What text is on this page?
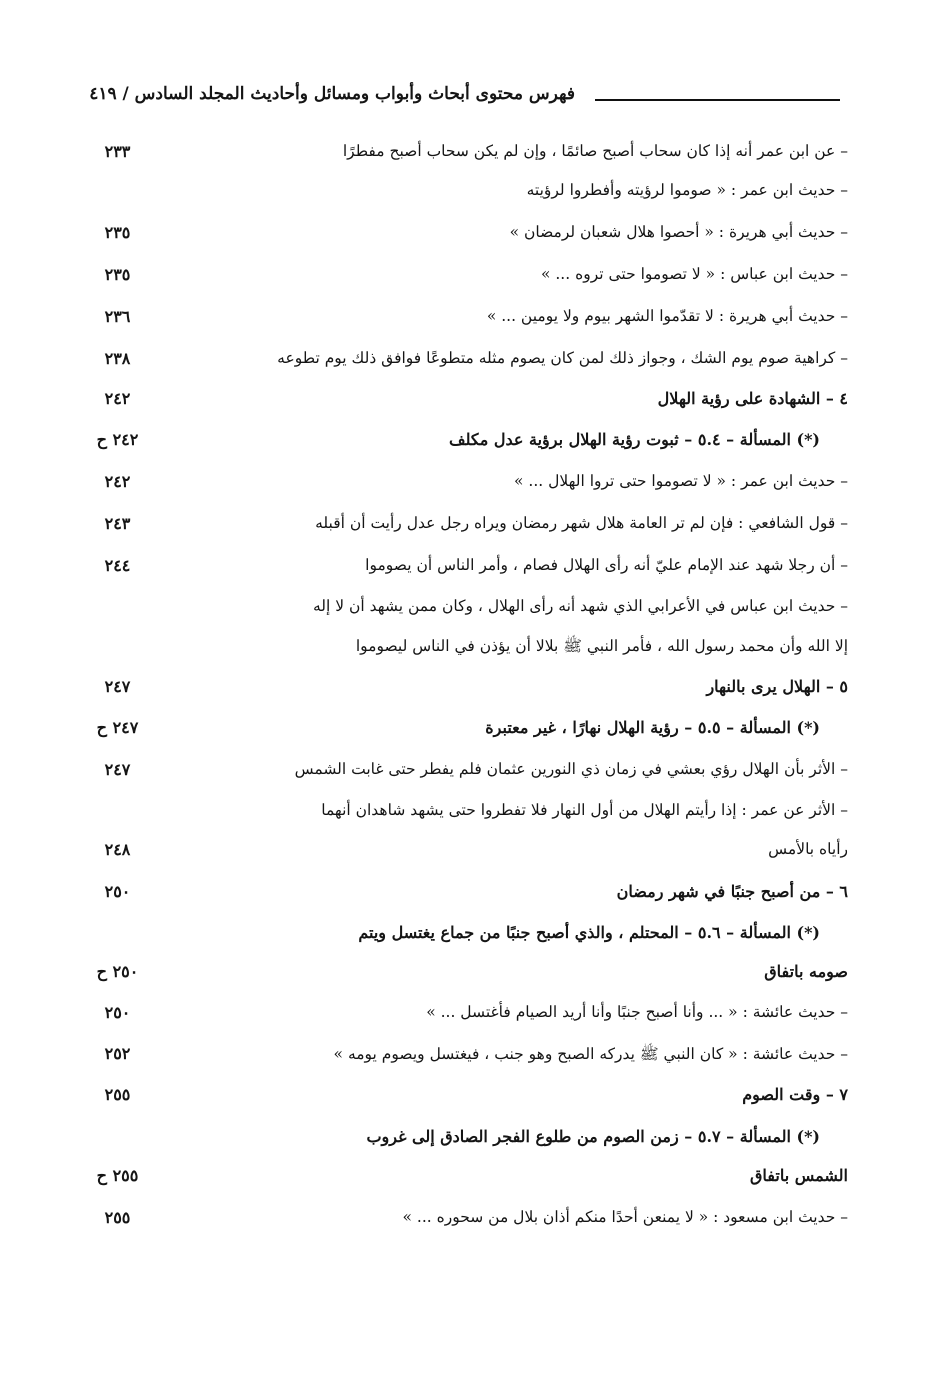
فهرس محتوى أبحاث وأبواب ومسائل وأحاديث المجلد السادس / ٤١٩
– عن ابن عمر أنه إذا كان سحاب أصبح صائمًا ، وإن لم يكن سحاب أصبح مفطرًا
٢٣٣
– حديث ابن عمر : « صوموا لرؤيته وأفطروا لرؤيته
– حديث أبي هريرة : « أحصوا هلال شعبان لرمضان »
٢٣٥
– حديث ابن عباس : « لا تصوموا حتى تروه ... »
٢٣٥
– حديث أبي هريرة : لا تقدّموا الشهر بيوم ولا يومين ... »
٢٣٦
– كراهية صوم يوم الشك ، وجواز ذلك لمن كان يصوم مثله متطوعًا فوافق ذلك يوم تطوعه
٢٣٨
٤ – الشهادة على رؤية الهلال
٢٤٢
(*) المسألة – ٥.٤ – ثبوت رؤية الهلال برؤية عدل مكلف
٢٤٢ ح
– حديث ابن عمر : « لا تصوموا حتى تروا الهلال ... »
٢٤٢
– قول الشافعي : فإن لم تر العامة هلال شهر رمضان ويراه رجل عدل رأيت أن أقبله
٢٤٣
– أن رجلا شهد عند الإمام عليّ أنه رأى الهلال فصام ، وأمر الناس أن يصوموا
٢٤٤
– حديث ابن عباس في الأعرابي الذي شهد أنه رأى الهلال ، وكان ممن يشهد أن لا إله
إلا الله وأن محمد رسول الله ، فأمر النبي ﷺ بلالا أن يؤذن في الناس ليصوموا
٥ – الهلال يرى بالنهار
٢٤٧
(*) المسألة – ٥.٥ – رؤية الهلال نهارًا ، غير معتبرة
٢٤٧ ح
– الأثر بأن الهلال رؤي بعشي في زمان ذي النورين عثمان فلم يفطر حتى غابت الشمس
٢٤٧
– الأثر عن عمر : إذا رأيتم الهلال من أول النهار فلا تفطروا حتى يشهد شاهدان أنهما
رأياه بالأمس
٢٤٨
٦ – من أصبح جنبًا في شهر رمضان
٢٥٠
(*) المسألة – ٥.٦ – المحتلم ، والذي أصبح جنبًا من جماع يغتسل ويتم
صومه باتفاق
٢٥٠ ح
– حديث عائشة : « ... وأنا أصبح جنبًا وأنا أريد الصيام فأغتسل ... »
٢٥٠
– حديث عائشة : « كان النبي ﷺ يدركه الصبح وهو جنب ، فيغتسل ويصوم يومه »
٢٥٢
٧ – وقت الصوم
٢٥٥
(*) المسألة – ٥.٧ – زمن الصوم من طلوع الفجر الصادق إلى غروب
الشمس باتفاق
٢٥٥ ح
– حديث ابن مسعود : « لا يمنعن أحدًا منكم أذان بلال من سحوره ... »
٢٥٥
